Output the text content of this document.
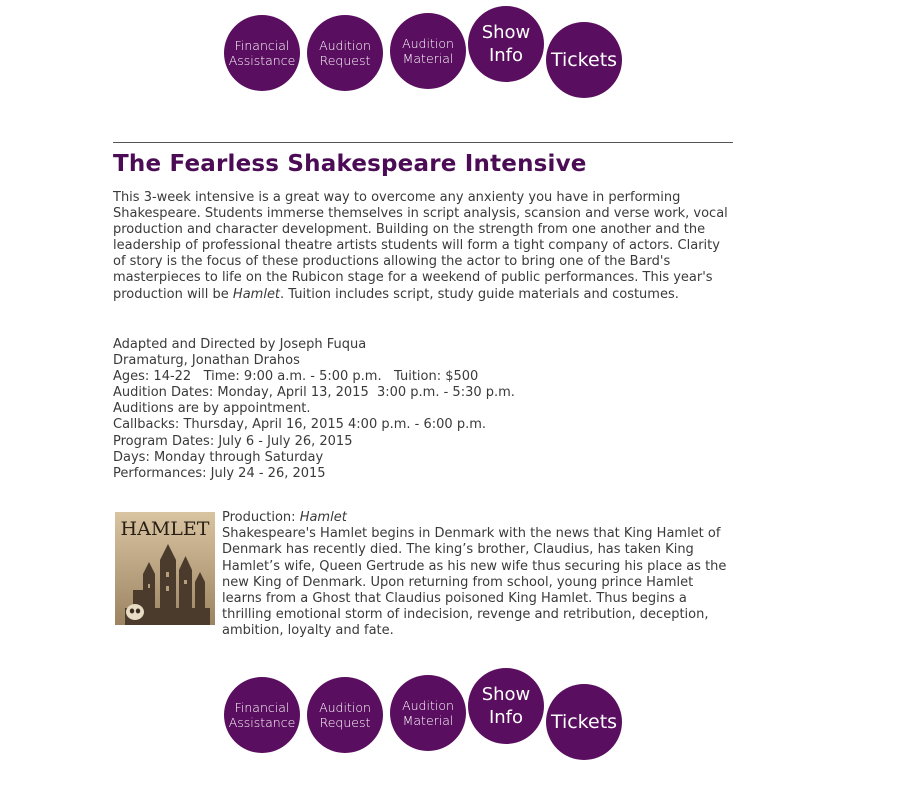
Financial
Assistance
Audition
Request
Audition
Material
Show
Info	Tickets
The Fearless Shakespeare Intensive

This 3-week intensive is a great way to overcome any anxienty you have in performing Shakespeare. Students immerse themselves in script analysis, scansion and verse work, vocal production and character development. Building on the strength from one another and the leadership of professional theatre artists students will form a tight company of actors. Clarity of story is the focus of these productions allowing the actor to bring one of the Bard's masterpieces to life on the Rubicon stage for a weekend of public performances. This year's production will be Hamlet. Tuition includes script, study guide materials and costumes.

Adapted and Directed by Joseph Fuqua
Dramaturg, Jonathan Drahos
Ages: 14-22   Time: 9:00 a.m. - 5:00 p.m.   Tuition: $500
Audition Dates: Monday, April 13, 2015  3:00 p.m. - 5:30 p.m.
Auditions are by appointment.
Callbacks: Thursday, April 16, 2015 4:00 p.m. - 6:00 p.m.
Program Dates: July 6 - July 26, 2015
Days: Monday through Saturday
Performances: July 24 - 26, 2015
HAMLET
Production: Hamlet
Shakespeare's Hamlet begins in Denmark with the news that King Hamlet of Denmark has recently died. The king’s brother, Claudius, has taken King Hamlet’s wife, Queen Gertrude as his new wife thus securing his place as the new King of Denmark. Upon returning from school, young prince Hamlet learns from a Ghost that Claudius poisoned King Hamlet. Thus begins a thrilling emotional storm of indecision, revenge and retribution, deception, ambition, loyalty and fate.
Financial
Assistance
Audition
Request
Audition
Material
Show
Info	Tickets
